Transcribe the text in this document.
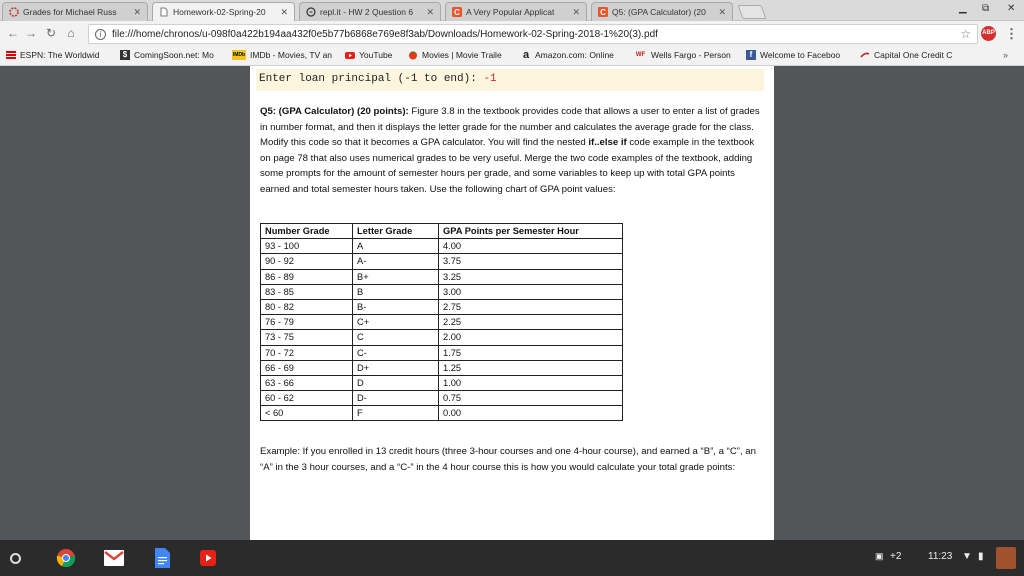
Grades for Michael Russ	✕	Homework-02-Spring-20	✕	repl.it - HW 2 Question 6	✕	C A Very Popular Applicat	✕	C Q5: (GPA Calculator) (20	✕	▁ ⧉ ✕
← → ↻ ⌂	i	file:///home/chronos/u-098f0a422b194aa432f0e5b77b6868e769e8f3ab/Downloads/Homework-02-Spring-2018-1%20(3).pdf	☆ ABP ⋮
ESPN: The Worldwid	$ ComingSoon.net: Mo	IMDb IMDb - Movies, TV an	YouTube	Movies | Movie Traile a Amazon.com: Online	WF Wells Fargo - Person	f Welcome to Faceboo	Capital One Credit C	»
Enter loan principal (-1 to end): -1
Q5: (GPA Calculator) (20 points): Figure 3.8 in the textbook provides code that allows a user to enter a list of grades in number format, and then it displays the letter grade for the number and calculates the average grade for the class. Modify this code so that it becomes a GPA calculator. You will find the nested if..else if code example in the textbook on page 78 that also uses numerical grades to be very useful. Merge the two code examples of the textbook, adding some prompts for the amount of semester hours per grade, and some variables to keep up with total GPA points earned and total semester hours taken. Use the following chart of GPA point values:
Number Grade	Letter Grade	GPA Points per Semester Hour
93 - 100	A	4.00
90 - 92	A-	3.75
86 - 89	B+	3.25
83 - 85	B	3.00
80 - 82	B-	2.75
76 - 79	C+	2.25
73 - 75	C	2.00
70 - 72	C-	1.75
66 - 69	D+	1.25
63 - 66	D	1.00
60 - 62	D-	0.75
< 60	F	0.00
Example: If you enrolled in 13 credit hours (three 3-hour courses and one 4-hour course), and earned a “B”, a “C”, an “A” in the 3 hour courses, and a “C-” in the 4 hour course this is how you would calculate your total grade points:
▣ +2	11:23 ▼ ▮
